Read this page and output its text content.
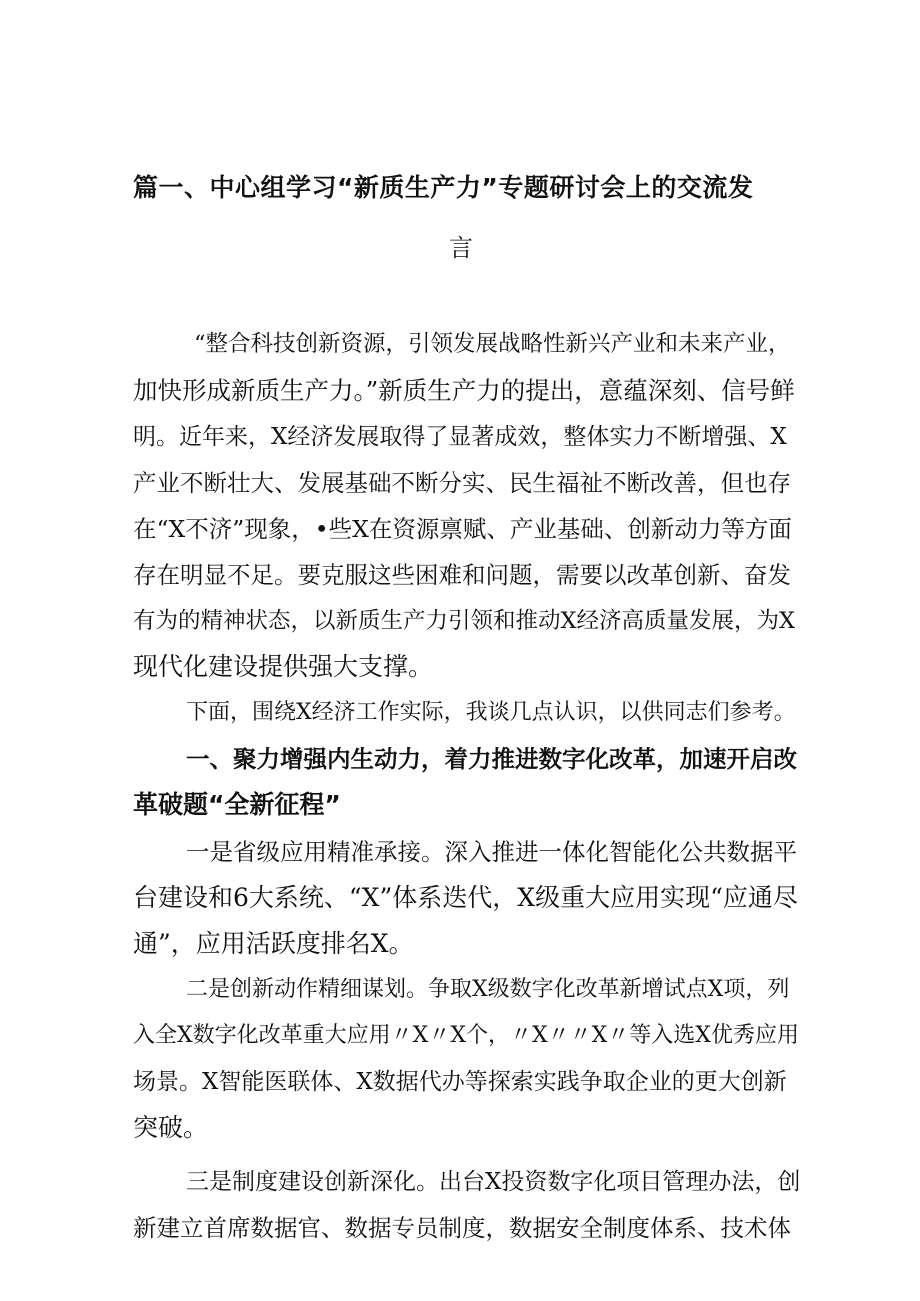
篇一、中心组学习“新质生产力”专题研讨会上的交流发
言
“整合科技创新资源，引领发展战略性新兴产业和未来产业，
加快形成新质生产力。”新质生产力的提出，意蕴深刻、信号鲜
明。近年来，X经济发展取得了显著成效，整体实力不断增强、X
产业不断壮大、发展基础不断分实、民生福祉不断改善，但也存
在“X不济”现象，•些X在资源禀赋、产业基础、创新动力等方面
存在明显不足。要克服这些困难和问题，需要以改革创新、奋发
有为的精神状态，以新质生产力引领和推动X经济高质量发展，为X
现代化建设提供强大支撑。
下面，围绕X经济工作实际，我谈几点认识，以供同志们参考。
一、聚力增强内生动力，着力推进数字化改革，加速开启改
革破题“全新征程”
一是省级应用精准承接。深入推进一体化智能化公共数据平
台建设和6大系统、“X”体系迭代，X级重大应用实现“应通尽
通”，应用活跃度排名X。
二是创新动作精细谋划。争取X级数字化改革新增试点X项，列
入全X数字化改革重大应用〃X〃X个，〃X〃〃X〃等入选X优秀应用
场景。X智能医联体、X数据代办等探索实践争取企业的更大创新
突破。
三是制度建设创新深化。出台X投资数字化项目管理办法，创
新建立首席数据官、数据专员制度，数据安全制度体系、技术体
